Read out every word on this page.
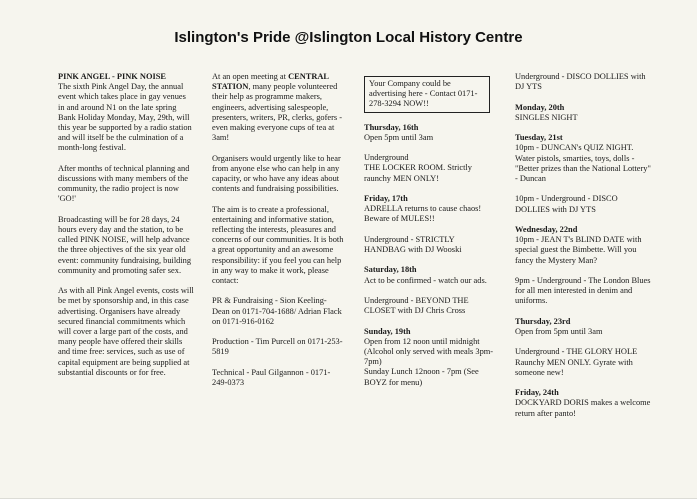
Islington's Pride @Islington Local History Centre

PINK ANGEL - PINK NOISE

The sixth Pink Angel Day, the annual event which takes place in gay venues in and around N1 on the late spring Bank Holiday Monday, May, 29th, will this year be supported by a radio station and will itself be the culmination of a month-long festival.

After months of technical planning and discussions with many members of the community, the radio project is now 'GO!'

Broadcasting will be for 28 days, 24 hours every day and the station, to be called PINK NOISE, will help advance the three objectives of the six year old event: community fundraising, building community and promoting safer sex.

As with all Pink Angel events, costs will be met by sponsorship and, in this case advertising. Organisers have already secured financial commitments which will cover a large part of the costs, and many people have offered their skills and time free: services, such as use of capital equipment are being supplied at substantial discounts or for free.

At an open meeting at CENTRAL STATION, many people volunteered their help as programme makers, engineers, advertising salespeople, presenters, writers, PR, clerks, gofers - even making everyone cups of tea at 3am!

Organisers would urgently like to hear from anyone else who can help in any capacity, or who have any ideas about contents and fundraising possibilities.

The aim is to create a professional, entertaining and informative station, reflecting the interests, pleasures and concerns of our communities. It is both a great opportunity and an awesome responsibility: if you feel you can help in any way to make it work, please contact:

PR & Fundraising - Sion Keeling-Dean on 0171-704-1688/ Adrian Flack on 0171-916-0162

Production - Tim Purcell on 0171-253-5819

Technical - Paul Gilgannon - 0171-249-0373

Your Company could be advertising here - Contact 0171-278-3294 NOW!!
Thursday, 16th
Open 5pm until 3am
Underground
THE LOCKER ROOM. Strictly raunchy MEN ONLY!
Friday, 17th
ADRELLA returns to cause chaos! Beware of MULES!!
Underground - STRICTLY HANDBAG with DJ Wooski
Saturday, 18th
Act to be confirmed - watch our ads.
Underground - BEYOND THE CLOSET with DJ Chris Cross
Sunday, 19th
Open from 12 noon until midnight (Alcohol only served with meals 3pm-7pm)
Sunday Lunch 12noon - 7pm (See BOYZ for menu)
Underground - DISCO DOLLIES with DJ YTS
Monday, 20th
SINGLES NIGHT
Tuesday, 21st
10pm - DUNCAN's QUIZ NIGHT. Water pistols, smarties, toys, dolls - "Better prizes than the National Lottery" - Duncan
10pm - Underground - DISCO DOLLIES with DJ YTS
Wednesday, 22nd
10pm - JEAN T's BLIND DATE with special guest the Bimbette. Will you fancy the Mystery Man?
9pm - Underground - The London Blues for all men interested in denim and uniforms.
Thursday, 23rd
Open from 5pm until 3am
Underground - THE GLORY HOLE Raunchy MEN ONLY. Gyrate with someone new!
Friday, 24th
DOCKYARD DORIS makes a welcome return after panto!
